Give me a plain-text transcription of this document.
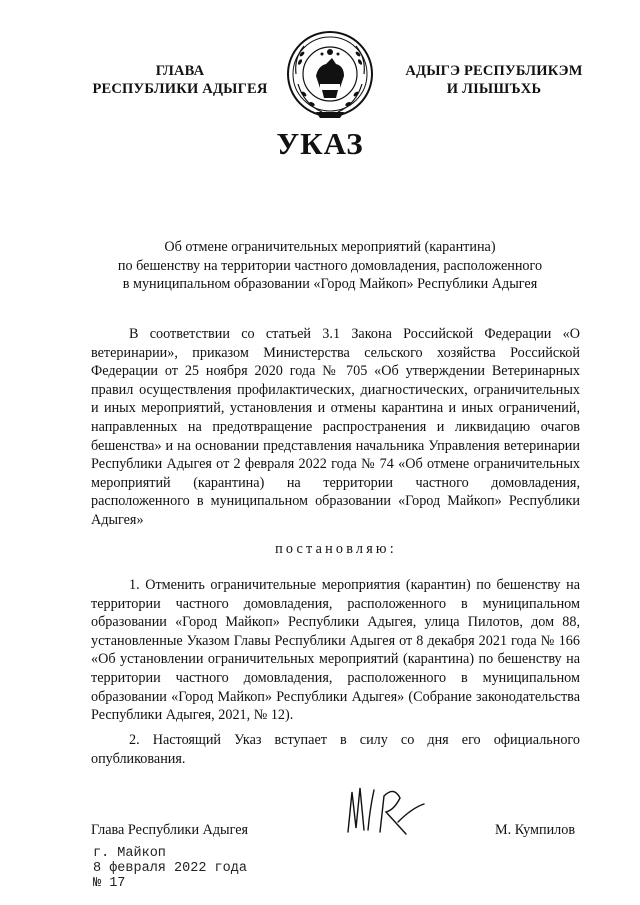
ГЛАВА
РЕСПУБЛИКИ АДЫГЕЯ
АДЫГЭ РЕСПУБЛИКЭМ
И ЛІЫШЪХЬ
УКАЗ
Об отмене ограничительных мероприятий (карантина)
по бешенству на территории частного домовладения, расположенного
в муниципальном образовании «Город Майкоп» Республики Адыгея
В соответствии со статьей 3.1 Закона Российской Федерации «О ветеринарии», приказом Министерства сельского хозяйства Российской Федерации от 25 ноября 2020 года № 705 «Об утверждении Ветеринарных правил осуществления профилактических, диагностических, ограничительных и иных мероприятий, установления и отмены карантина и иных ограничений, направленных на предотвращение распространения и ликвидацию очагов бешенства» и на основании представления начальника Управления ветеринарии Республики Адыгея от 2 февраля 2022 года № 74 «Об отмене ограничительных мероприятий (карантина) на территории частного домовладения, расположенного в муниципальном образовании «Город Майкоп» Республики Адыгея»
постановляю:
1. Отменить ограничительные мероприятия (карантин) по бешенству на территории частного домовладения, расположенного в муниципальном образовании «Город Майкоп» Республики Адыгея, улица Пилотов, дом 88, установленные Указом Главы Республики Адыгея от 8 декабря 2021 года № 166 «Об установлении ограничительных мероприятий (карантина) по бешенству на территории частного домовладения, расположенного в муниципальном образовании «Город Майкоп» Республики Адыгея» (Собрание законодательства Республики Адыгея, 2021, № 12).
2. Настоящий Указ вступает в силу со дня его официального опубликования.
Глава Республики Адыгея	М. Кумпилов
г. Майкоп
8 февраля 2022 года
№ 17
